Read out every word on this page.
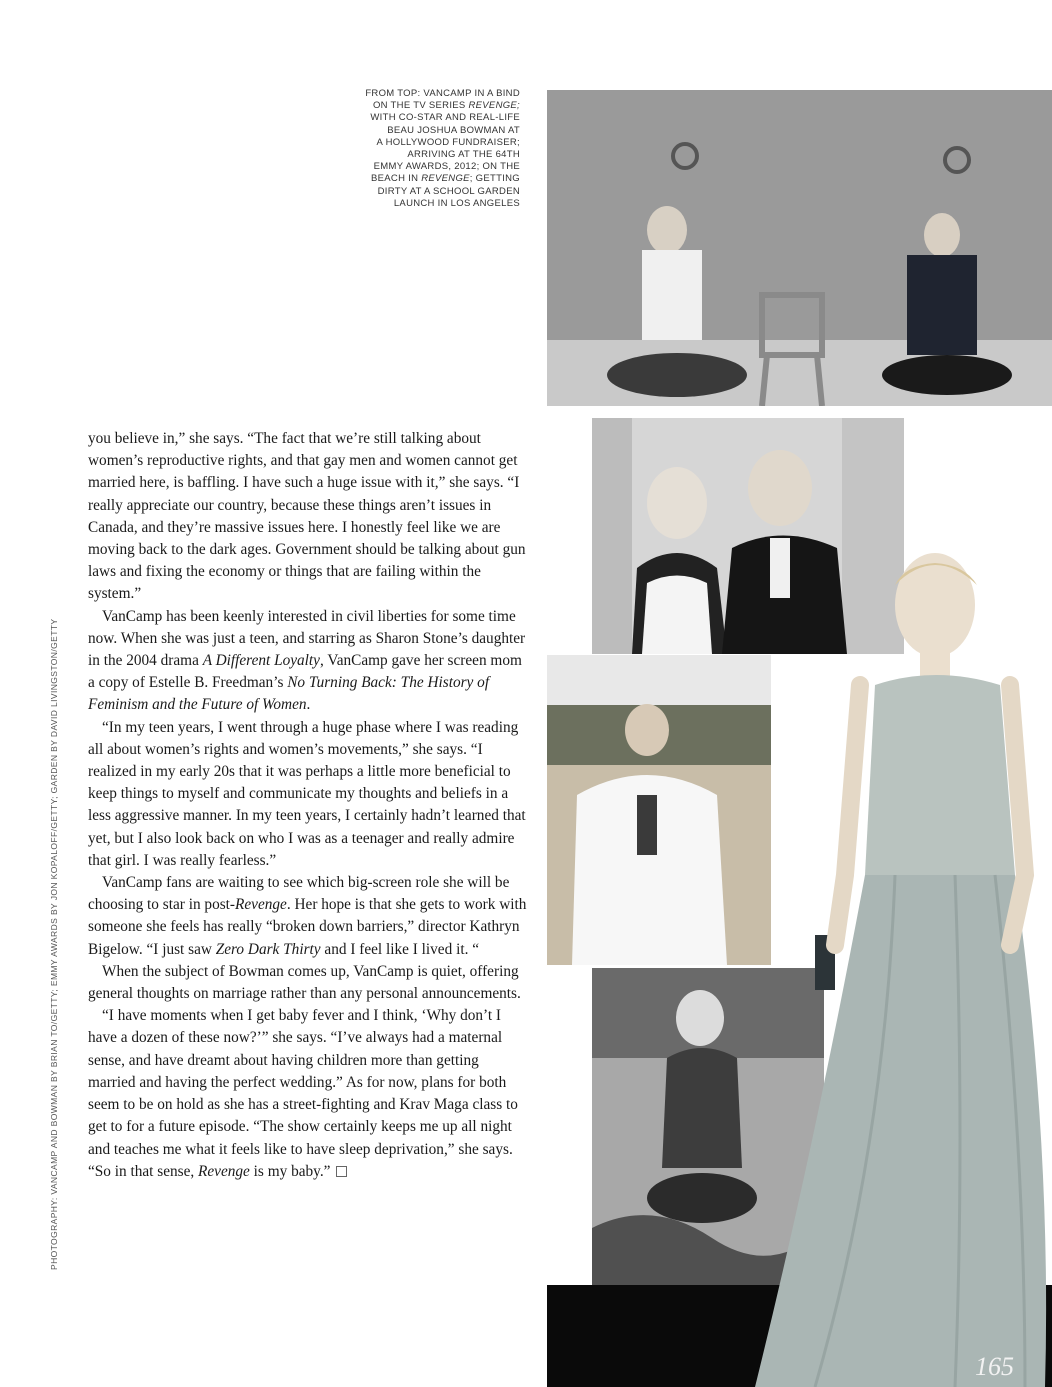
FROM TOP: VANCAMP IN A BIND
ON THE TV SERIES REVENGE;
WITH CO-STAR AND REAL-LIFE
BEAU JOSHUA BOWMAN AT
A HOLLYWOOD FUNDRAISER;
ARRIVING AT THE 64TH
EMMY AWARDS, 2012; ON THE
BEACH IN REVENGE; GETTING
DIRTY AT A SCHOOL GARDEN
LAUNCH IN LOS ANGELES
PHOTOGRAPHY: VANCAMP AND BOWMAN BY BRIAN TO/GETTY; EMMY AWARDS BY JON KOPALOFF/GETTY; GARDEN BY DAVID LIVINGSTON/GETTY

you believe in,” she says. “The fact that we’re still talking about women’s reproductive rights, and that gay men and women cannot get married here, is baffling. I have such a huge issue with it,” she says. “I really appreciate our country, because these things aren’t issues in Canada, and they’re massive issues here. I honestly feel like we are moving back to the dark ages. Government should be talking about gun laws and fixing the economy or things that are failing within the system.”

VanCamp has been keenly interested in civil liberties for some time now. When she was just a teen, and starring as Sharon Stone’s daughter in the 2004 drama A Different Loyalty, VanCamp gave her screen mom a copy of Estelle B. Freedman’s No Turning Back: The History of Feminism and the Future of Women.

“In my teen years, I went through a huge phase where I was reading all about women’s rights and women’s movements,” she says. “I realized in my early 20s that it was perhaps a little more beneficial to keep things to myself and communicate my thoughts and beliefs in a less aggressive manner. In my teen years, I certainly hadn’t learned that yet, but I also look back on who I was as a teenager and really admire that girl. I was really fearless.”

VanCamp fans are waiting to see which big-screen role she will be choosing to star in post-Revenge. Her hope is that she gets to work with someone she feels has really “broken down barriers,” director Kathryn Bigelow. “I just saw Zero Dark Thirty and I feel like I lived it. “

When the subject of Bowman comes up, VanCamp is quiet, offering general thoughts on marriage rather than any personal announcements.

“I have moments when I get baby fever and I think, ‘Why don’t I have a dozen of these now?’” she says. “I’ve always had a maternal sense, and have dreamt about having children more than getting married and having the perfect wedding.” As for now, plans for both seem to be on hold as she has a street-fighting and Krav Maga class to get to for a future episode. “The show certainly keeps me up all night and teaches me what it feels like to have sleep deprivation,” she says. “So in that sense, Revenge is my baby.”

165
